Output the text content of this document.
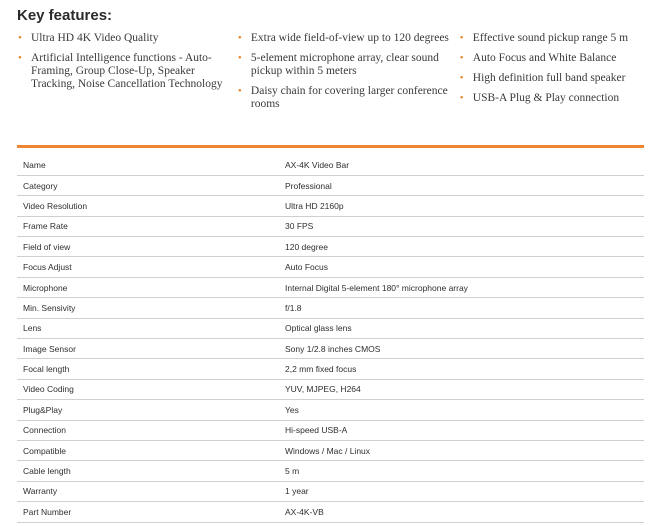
Key features:
• Ultra HD 4K Video Quality
• Artificial Intelligence functions - Auto-Framing, Group Close-Up, Speaker Tracking, Noise Cancellation Technology
• Extra wide field-of-view up to 120 degrees
• 5-element microphone array, clear sound pickup within 5 meters
• Daisy chain for covering larger conference rooms
• Effective sound pickup range 5 m
• Auto Focus and White Balance
• High definition full band speaker
• USB-A Plug & Play connection
Name	AX-4K Video Bar
Category	Professional
Video Resolution	Ultra HD 2160p
Frame Rate	30 FPS
Field of view	120 degree
Focus Adjust	Auto Focus
Microphone	Internal Digital 5-element 180° microphone array
Min. Sensivity	f/1.8
Lens	Optical glass lens
Image Sensor	Sony 1/2.8 inches CMOS
Focal length	2,2 mm fixed focus
Video Coding	YUV, MJPEG, H264
Plug&Play	Yes
Connection	Hi-speed USB-A
Compatible	Windows / Mac / Linux
Cable length	5 m
Warranty	1 year
Part Number	AX-4K-VB
